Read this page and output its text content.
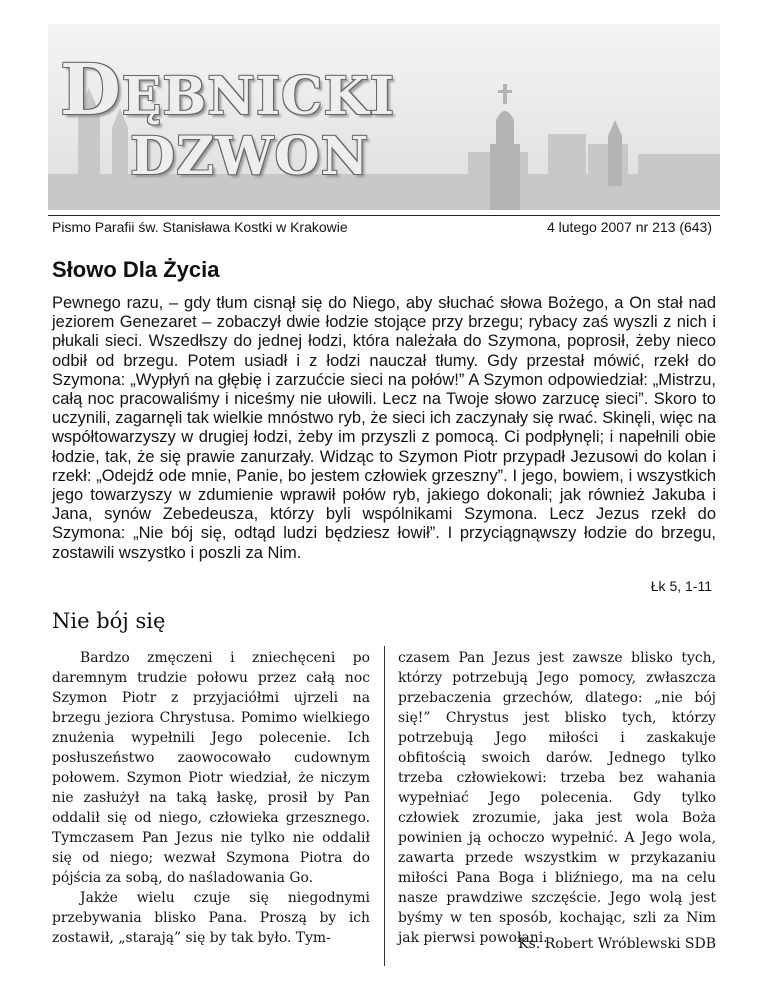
DĘBNICKI
DZWON
Pismo Parafii św. Stanisława Kostki w Krakowie	4 lutego 2007 nr 213 (643)
Słowo Dla Życia

Pewnego razu, – gdy tłum cisnął się do Niego, aby słuchać słowa Bożego, a On stał nad jeziorem Genezaret – zobaczył dwie łodzie stojące przy brzegu; rybacy zaś wyszli z nich i płukali sieci. Wszedłszy do jednej łodzi, która należała do Szymona, poprosił, żeby nieco odbił od brzegu. Potem usiadł i z łodzi nauczał tłumy. Gdy przestał mówić, rzekł do Szymona: „Wypłyń na głębię i zarzućcie sieci na połów!” A Szymon odpowiedział: „Mistrzu, całą noc pracowaliśmy i niceśmy nie ułowili. Lecz na Twoje słowo zarzucę sieci”. Skoro to uczynili, zagarnęli tak wielkie mnóstwo ryb, że sieci ich zaczynały się rwać. Skinęli, więc na współtowarzyszy w drugiej łodzi, żeby im przyszli z pomocą. Ci podpłynęli; i napełnili obie łodzie, tak, że się prawie zanurzały. Widząc to Szymon Piotr przypadł Jezusowi do kolan i rzekł: „Odejdź ode mnie, Panie, bo jestem człowiek grzeszny”. I jego, bowiem, i wszystkich jego towarzyszy w zdumienie wprawił połów ryb, jakiego dokonali; jak również Jakuba i Jana, synów Zebedeusza, którzy byli wspólnikami Szymona. Lecz Jezus rzekł do Szymona: „Nie bój się, odtąd ludzi będziesz łowił”. I przyciągnąwszy łodzie do brzegu, zostawili wszystko i poszli za Nim.

Łk 5, 1-11

Nie bój się

Bardzo zmęczeni i zniechęceni po daremnym trudzie połowu przez całą noc Szymon Piotr z przyjaciółmi ujrzeli na brzegu jeziora Chrystusa. Pomimo wielkiego znużenia wypełnili Jego polecenie. Ich posłuszeństwo zaowocowało cudownym połowem. Szymon Piotr wiedział, że niczym nie zasłużył na taką łaskę, prosił by Pan oddalił się od niego, człowieka grzesznego. Tymczasem Pan Jezus nie tylko nie oddalił się od niego; wezwał Szymona Piotra do pójścia za sobą, do naśladowania Go.

Jakże wielu czuje się niegodnymi przebywania blisko Pana. Proszą by ich zostawił, „starają” się by tak było. Tym-

czasem Pan Jezus jest zawsze blisko tych, którzy potrzebują Jego pomocy, zwłaszcza przebaczenia grzechów, dlatego: „nie bój się!” Chrystus jest blisko tych, którzy potrzebują Jego miłości i zaskakuje obfitością swoich darów. Jednego tylko trzeba człowiekowi: trzeba bez wahania wypełniać Jego polecenia. Gdy tylko człowiek zrozumie, jaka jest wola Boża powinien ją ochoczo wypełnić. A Jego wola, zawarta przede wszystkim w przykazaniu miłości Pana Boga i bliźniego, ma na celu nasze prawdziwe szczęście. Jego wolą jest byśmy w ten sposób, kochając, szli za Nim jak pierwsi powołani.

Ks. Robert Wróblewski SDB
